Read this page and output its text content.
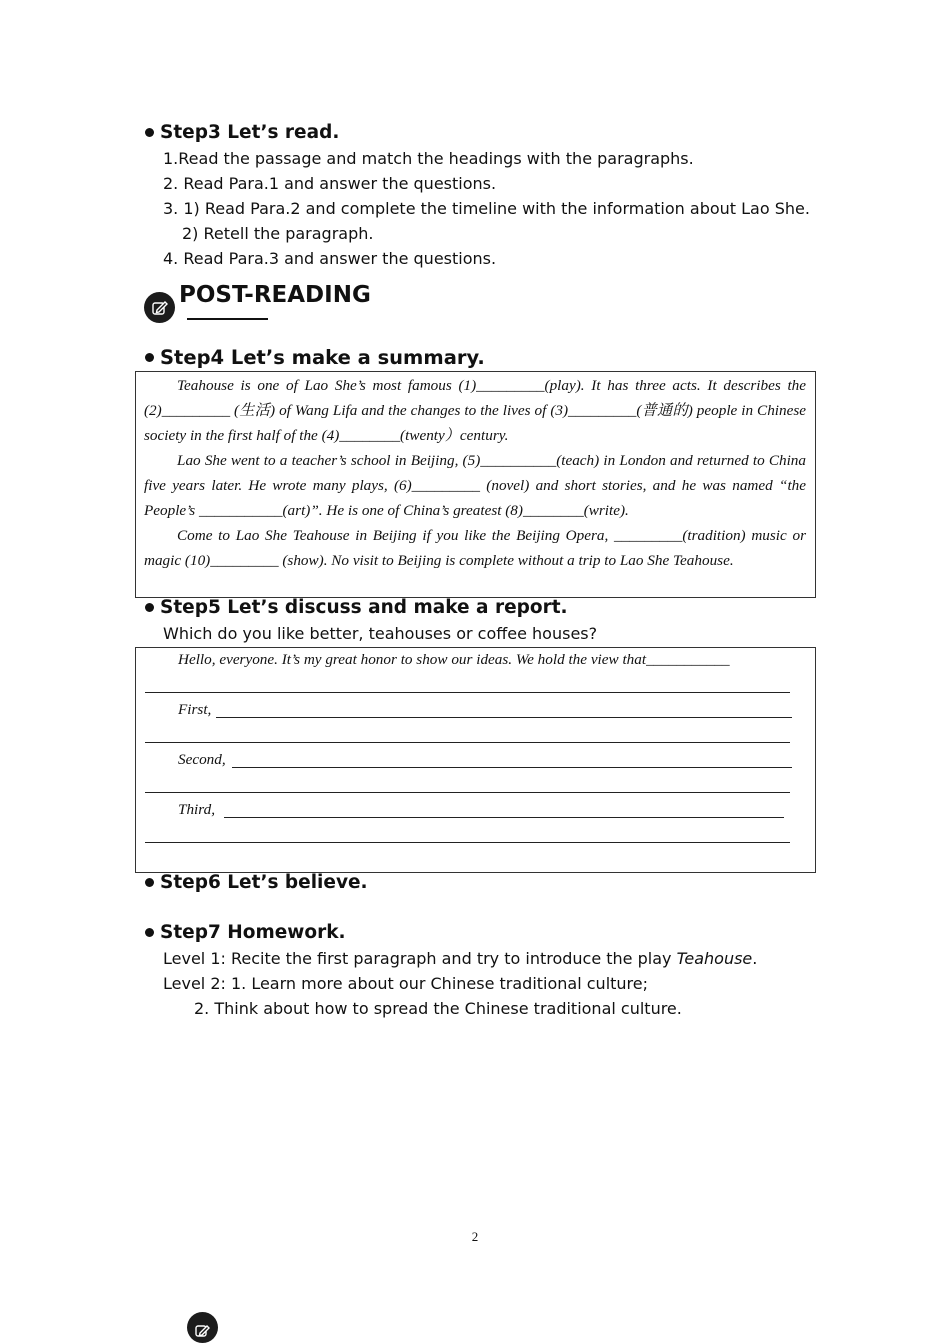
Step3 Let’s read.
1.Read the passage and match the headings with the paragraphs.
2. Read Para.1 and answer the questions.
3. 1) Read Para.2 and complete the timeline with the information about Lao She.
2) Retell the paragraph.
4. Read Para.3 and answer the questions.
POST-READING
Step4 Let’s make a summary.

Teahouse is one of Lao She’s most famous (1)_________(play). It has three acts. It describes the (2)_________ (生活) of Wang Lifa and the changes to the lives of (3)_________(普通的) people in Chinese society in the first half of the (4)________(twenty）century.

Lao She went to a teacher’s school in Beijing, (5)__________(teach) in London and returned to China five years later. He wrote many plays, (6)_________ (novel) and short stories, and he was named “the People’s ___________(art)”. He is one of China’s greatest (8)________(write).

Come to Lao She Teahouse in Beijing if you like the Beijing Opera, _________(tradition) music or magic (10)_________ (show). No visit to Beijing is complete without a trip to Lao She Teahouse.

Step5 Let’s discuss and make a report.
Which do you like better, teahouses or coffee houses?
Hello, everyone. It’s my great honor to show our ideas. We hold the view that___________
First,
Second,
Third,
Step6 Let’s believe.
Step7 Homework.
Level 1: Recite the first paragraph and try to introduce the play Teahouse.
Level 2: 1. Learn more about our Chinese traditional culture;
2. Think about how to spread the Chinese traditional culture.
2
